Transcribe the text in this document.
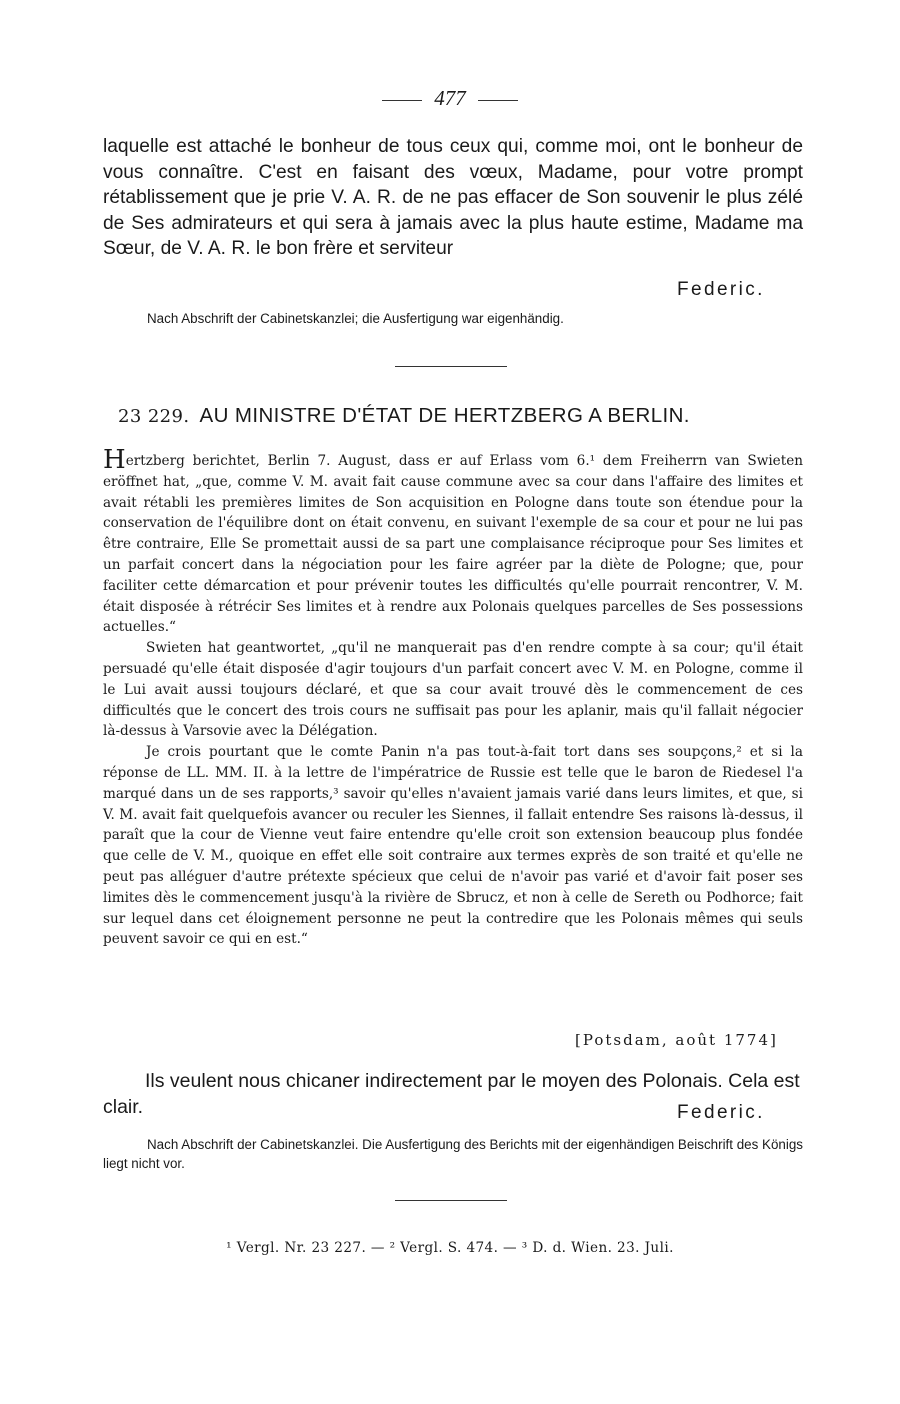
477
laquelle est attaché le bonheur de tous ceux qui, comme moi, ont le bonheur de vous connaître. C'est en faisant des vœux, Madame, pour votre prompt rétablissement que je prie V. A. R. de ne pas effacer de Son souvenir le plus zélé de Ses admirateurs et qui sera à jamais avec la plus haute estime, Madame ma Sœur, de V. A. R. le bon frère et serviteur
Federic.
Nach Abschrift der Cabinetskanzlei; die Ausfertigung war eigenhändig.
23 229. AU MINISTRE D'ÉTAT DE HERTZBERG A BERLIN.

Hertzberg berichtet, Berlin 7. August, dass er auf Erlass vom 6.¹ dem Freiherrn van Swieten eröffnet hat, „que, comme V. M. avait fait cause commune avec sa cour dans l'affaire des limites et avait rétabli les premières limites de Son acquisition en Pologne dans toute son étendue pour la conservation de l'équilibre dont on était convenu, en suivant l'exemple de sa cour et pour ne lui pas être contraire, Elle Se promettait aussi de sa part une complaisance réciproque pour Ses limites et un parfait concert dans la négociation pour les faire agréer par la diète de Pologne; que, pour faciliter cette démarcation et pour prévenir toutes les difficultés qu'elle pourrait rencontrer, V. M. était disposée à rétrécir Ses limites et à rendre aux Polonais quelques parcelles de Ses possessions actuelles.“

Swieten hat geantwortet, „qu'il ne manquerait pas d'en rendre compte à sa cour; qu'il était persuadé qu'elle était disposée d'agir toujours d'un parfait concert avec V. M. en Pologne, comme il le Lui avait aussi toujours déclaré, et que sa cour avait trouvé dès le commencement de ces difficultés que le concert des trois cours ne suffisait pas pour les aplanir, mais qu'il fallait négocier là-dessus à Varsovie avec la Délégation.

Je crois pourtant que le comte Panin n'a pas tout-à-fait tort dans ses soupçons,² et si la réponse de LL. MM. II. à la lettre de l'impératrice de Russie est telle que le baron de Riedesel l'a marqué dans un de ses rapports,³ savoir qu'elles n'avaient jamais varié dans leurs limites, et que, si V. M. avait fait quelquefois avancer ou reculer les Siennes, il fallait entendre Ses raisons là-dessus, il paraît que la cour de Vienne veut faire entendre qu'elle croit son extension beaucoup plus fondée que celle de V. M., quoique en effet elle soit contraire aux termes exprès de son traité et qu'elle ne peut pas alléguer d'autre prétexte spécieux que celui de n'avoir pas varié et d'avoir fait poser ses limites dès le commencement jusqu'à la rivière de Sbrucz, et non à celle de Sereth ou Podhorce; fait sur lequel dans cet éloignement personne ne peut la contredire que les Polonais mêmes qui seuls peuvent savoir ce qui en est.“

[Potsdam, août 1774]
Ils veulent nous chicaner indirectement par le moyen des Polonais. Cela est clair.	Federic.
Nach Abschrift der Cabinetskanzlei. Die Ausfertigung des Berichts mit der eigenhändigen Beischrift des Königs liegt nicht vor.
¹ Vergl. Nr. 23 227. — ² Vergl. S. 474. — ³ D. d. Wien. 23. Juli.
